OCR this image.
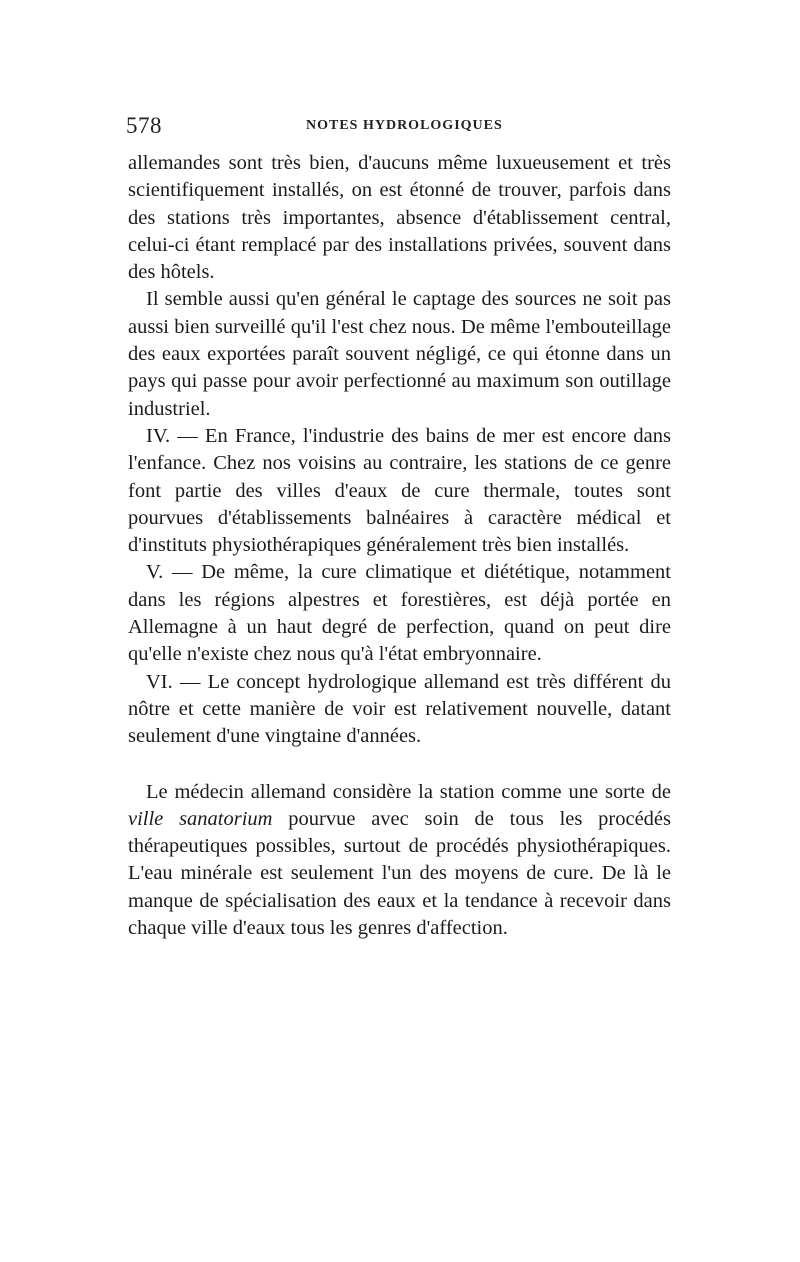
578	NOTES HYDROLOGIQUES

allemandes sont très bien, d'aucuns même luxueusement et très scientifiquement installés, on est étonné de trouver, parfois dans des stations très importantes, absence d'établissement central, celui-ci étant remplacé par des installations privées, souvent dans des hôtels.

Il semble aussi qu'en général le captage des sources ne soit pas aussi bien surveillé qu'il l'est chez nous. De même l'embouteillage des eaux exportées paraît souvent négligé, ce qui étonne dans un pays qui passe pour avoir perfectionné au maximum son outillage industriel.

IV. — En France, l'industrie des bains de mer est encore dans l'enfance. Chez nos voisins au contraire, les stations de ce genre font partie des villes d'eaux de cure thermale, toutes sont pourvues d'établissements balnéaires à caractère médical et d'instituts physiothérapiques généralement très bien installés.

V. — De même, la cure climatique et diététique, notamment dans les régions alpestres et forestières, est déjà portée en Allemagne à un haut degré de perfection, quand on peut dire qu'elle n'existe chez nous qu'à l'état embryonnaire.

VI. — Le concept hydrologique allemand est très différent du nôtre et cette manière de voir est relativement nouvelle, datant seulement d'une vingtaine d'années.

Le médecin allemand considère la station comme une sorte de ville sanatorium pourvue avec soin de tous les procédés thérapeutiques possibles, surtout de procédés physiothérapiques. L'eau minérale est seulement l'un des moyens de cure. De là le manque de spécialisation des eaux et la tendance à recevoir dans chaque ville d'eaux tous les genres d'affection.
